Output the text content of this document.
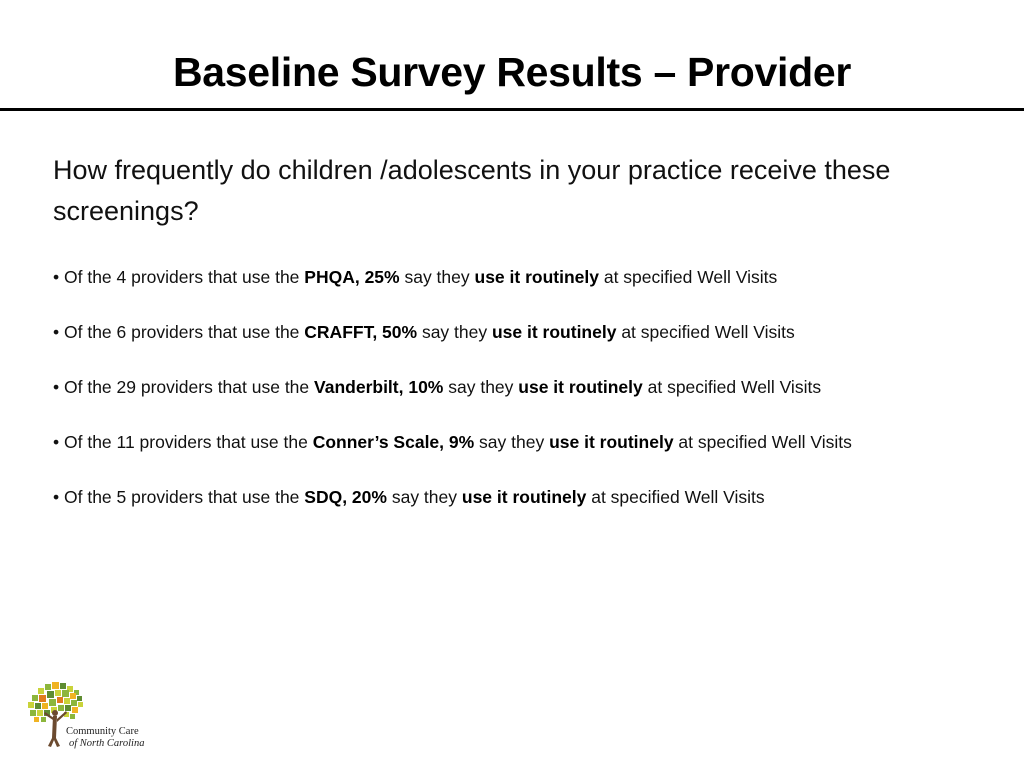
Baseline Survey Results – Provider

How frequently do children /adolescents in your practice receive these screenings?

• Of the 4 providers that use the PHQA, 25% say they use it routinely at specified Well Visits
• Of the 6 providers that use the CRAFFT, 50% say they use it routinely at specified Well Visits
• Of the 29 providers that use the Vanderbilt, 10% say they use it routinely at specified Well Visits
• Of the 11 providers that use the Conner’s Scale, 9% say they use it routinely at specified Well Visits
• Of the 5 providers that use the SDQ, 20% say they use it routinely at specified Well Visits
Community Care
of North Carolina
